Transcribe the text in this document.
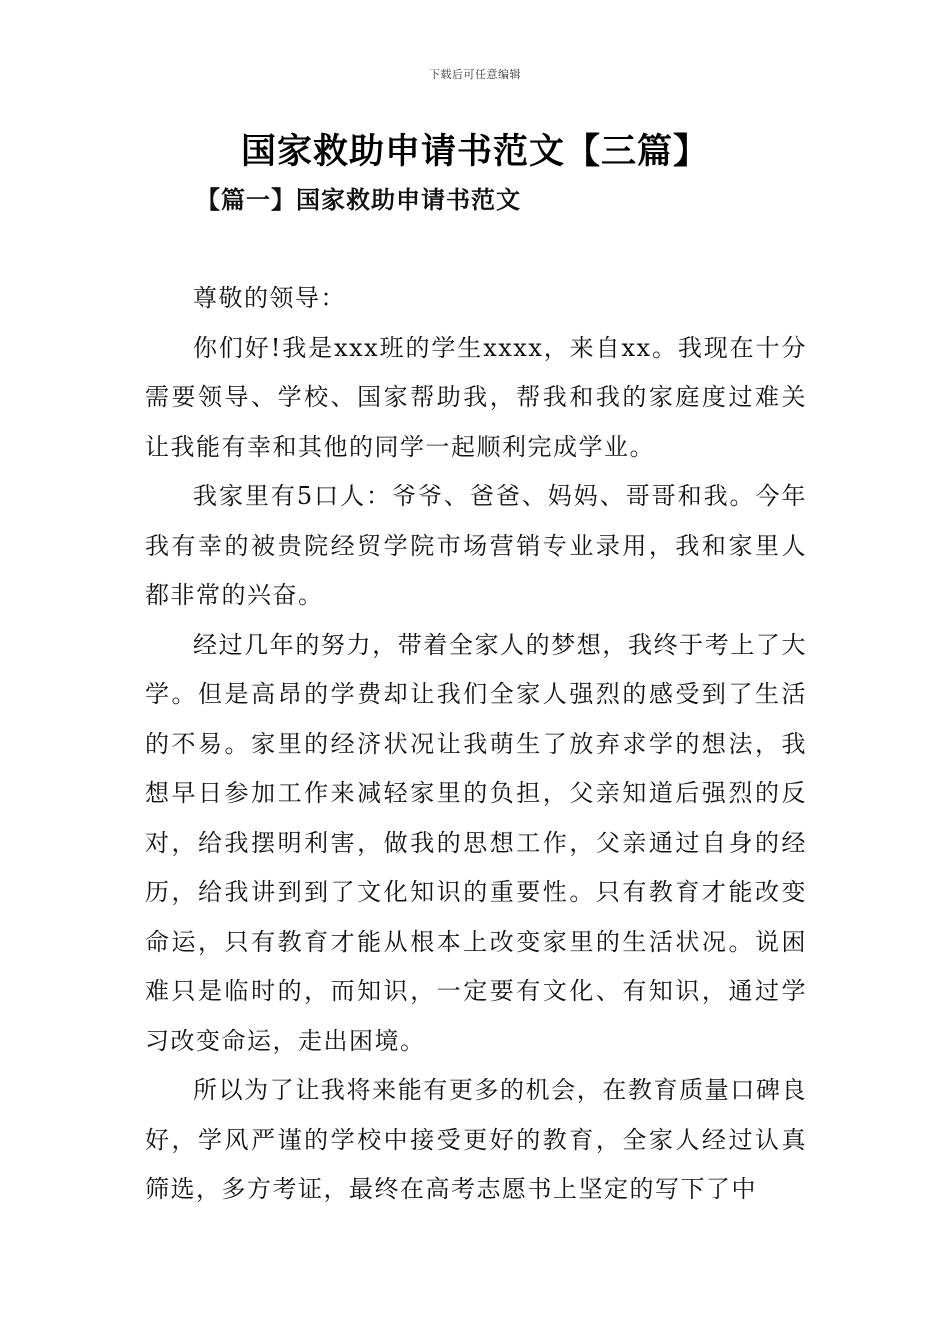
下载后可任意编辑
国家救助申请书范文【三篇】
【篇一】国家救助申请书范文

尊敬的领导：

你们好!我是xxx班的学生xxxx，来自xx。我现在十分需要领导、学校、国家帮助我，帮我和我的家庭度过难关让我能有幸和其他的同学一起顺利完成学业。

我家里有5口人：爷爷、爸爸、妈妈、哥哥和我。今年我有幸的被贵院经贸学院市场营销专业录用，我和家里人都非常的兴奋。

经过几年的努力，带着全家人的梦想，我终于考上了大学。但是高昂的学费却让我们全家人强烈的感受到了生活的不易。家里的经济状况让我萌生了放弃求学的想法，我想早日参加工作来减轻家里的负担，父亲知道后强烈的反对，给我摆明利害，做我的思想工作，父亲通过自身的经历，给我讲到到了文化知识的重要性。只有教育才能改变命运，只有教育才能从根本上改变家里的生活状况。说困难只是临时的，而知识，一定要有文化、有知识，通过学习改变命运，走出困境。

所以为了让我将来能有更多的机会，在教育质量口碑良好，学风严谨的学校中接受更好的教育，全家人经过认真筛选，多方考证，最终在高考志愿书上坚定的写下了中
